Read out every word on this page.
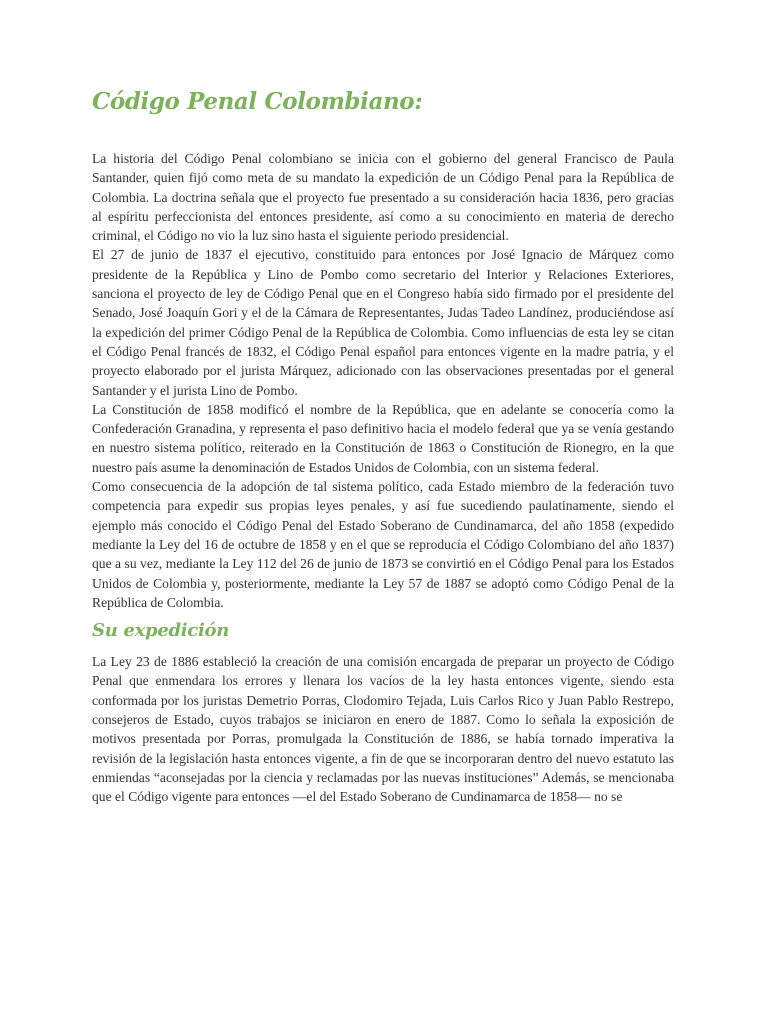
Código Penal Colombiano:

La historia del Código Penal colombiano se inicia con el gobierno del general Francisco de Paula Santander, quien fijó como meta de su mandato la expedición de un Código Penal para la República de Colombia. La doctrina señala que el proyecto fue presentado a su consideración hacia 1836, pero gracias al espíritu perfeccionista del entonces presidente, así como a su conocimiento en materia de derecho criminal, el Código no vio la luz sino hasta el siguiente periodo presidencial.

El 27 de junio de 1837 el ejecutivo, constituido para entonces por José Ignacio de Márquez como presidente de la República y Lino de Pombo como secretario del Interior y Relaciones Exteriores, sanciona el proyecto de ley de Código Penal que en el Congreso había sido firmado por el presidente del Senado, José Joaquín Gori y el de la Cámara de Representantes, Judas Tadeo Landínez, produciéndose así la expedición del primer Código Penal de la República de Colombia. Como influencias de esta ley se citan el Código Penal francés de 1832, el Código Penal español para entonces vigente en la madre patria, y el proyecto elaborado por el jurista Márquez, adicionado con las observaciones presentadas por el general Santander y el jurista Lino de Pombo.

La Constitución de 1858 modificó el nombre de la República, que en adelante se conocería como la Confederación Granadina, y representa el paso definitivo hacia el modelo federal que ya se venía gestando en nuestro sistema político, reiterado en la Constitución de 1863 o Constitución de Rionegro, en la que nuestro país asume la denominación de Estados Unidos de Colombia, con un sistema federal.

Como consecuencia de la adopción de tal sistema político, cada Estado miembro de la federación tuvo competencia para expedir sus propias leyes penales, y así fue sucediendo paulatinamente, siendo el ejemplo más conocido el Código Penal del Estado Soberano de Cundinamarca, del año 1858 (expedido mediante la Ley del 16 de octubre de 1858 y en el que se reproducía el Código Colombiano del año 1837) que a su vez, mediante la Ley 112 del 26 de junio de 1873 se convirtió en el Código Penal para los Estados Unidos de Colombia y, posteriormente, mediante la Ley 57 de 1887 se adoptó como Código Penal de la República de Colombia.

Su expedición

La Ley 23 de 1886 estableció la creación de una comisión encargada de preparar un proyecto de Código Penal que enmendara los errores y llenara los vacíos de la ley hasta entonces vigente, siendo esta conformada por los juristas Demetrio Porras, Clodomiro Tejada, Luis Carlos Rico y Juan Pablo Restrepo, consejeros de Estado, cuyos trabajos se iniciaron en enero de 1887. Como lo señala la exposición de motivos presentada por Porras, promulgada la Constitución de 1886, se había tornado imperativa la revisión de la legislación hasta entonces vigente, a fin de que se incorporaran dentro del nuevo estatuto las enmiendas “aconsejadas por la ciencia y reclamadas por las nuevas instituciones” Además, se mencionaba que el Código vigente para entonces —el del Estado Soberano de Cundinamarca de 1858— no se
